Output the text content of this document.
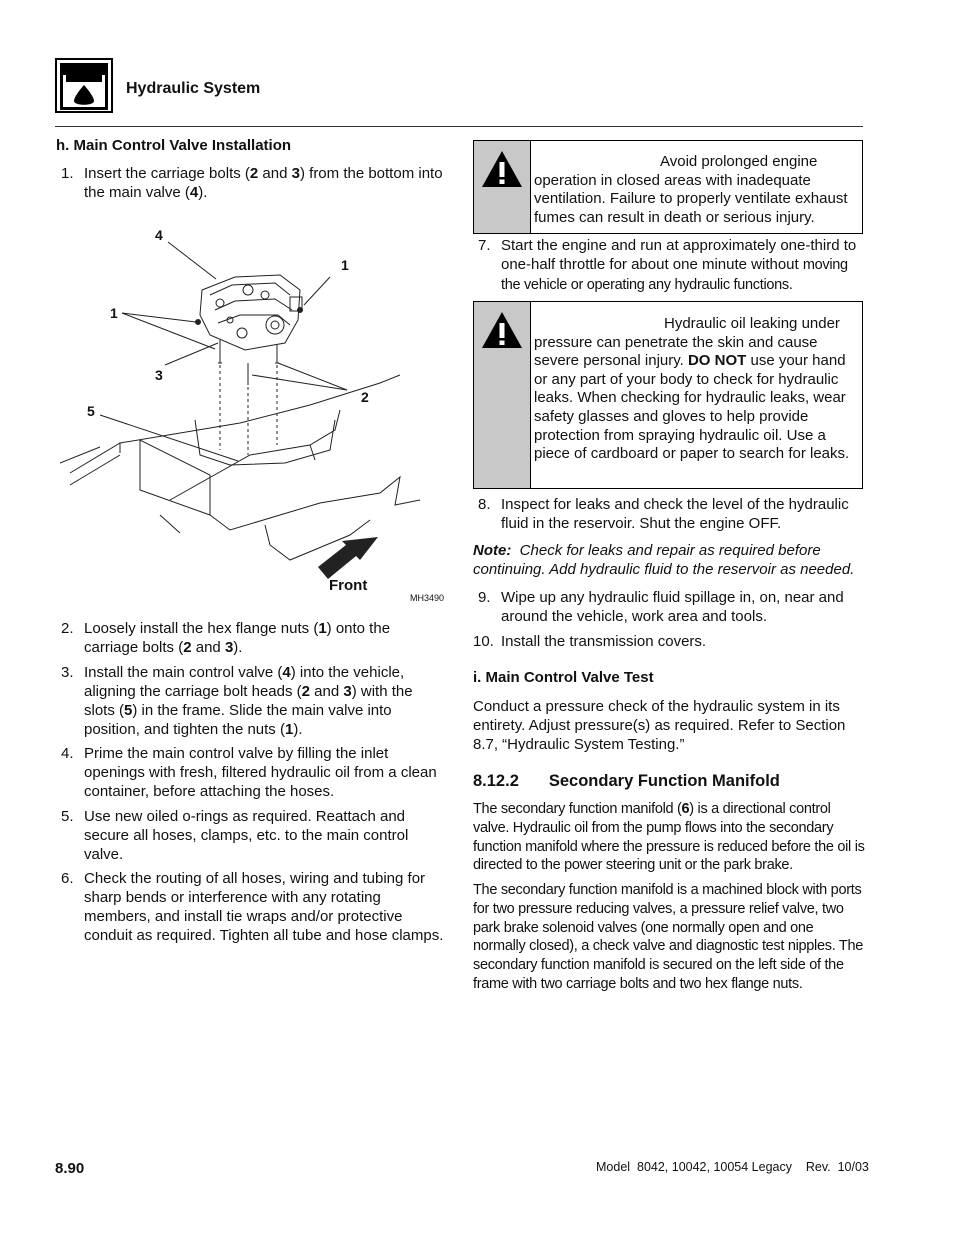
Hydraulic System
h. Main Control Valve Installation
1. Insert the carriage bolts (2 and 3) from the bottom into the main valve (4).
4
1
1
3
2
5
Front
MH3490
2. Loosely install the hex flange nuts (1) onto the carriage bolts (2 and 3).
3. Install the main control valve (4) into the vehicle, aligning the carriage bolt heads (2 and 3) with the slots (5) in the frame. Slide the main valve into position, and tighten the nuts (1).
4. Prime the main control valve by filling the inlet openings with fresh, filtered hydraulic oil from a clean container, before attaching the hoses.
5. Use new oiled o-rings as required. Reattach and secure all hoses, clamps, etc. to the main control valve.
6. Check the routing of all hoses, wiring and tubing for sharp bends or interference with any rotating members, and install tie wraps and/or protective conduit as required. Tighten all tube and hose clamps.
Avoid prolonged engine operation in closed areas with inadequate ventilation. Failure to properly ventilate exhaust fumes can result in death or serious injury.
7. Start the engine and run at approximately one-third to one-half throttle for about one minute without moving the vehicle or operating any hydraulic functions.
Hydraulic oil leaking under pressure can penetrate the skin and cause severe personal injury. DO NOT use your hand or any part of your body to check for hydraulic leaks. When checking for hydraulic leaks, wear safety glasses and gloves to help provide protection from spraying hydraulic oil. Use a piece of cardboard or paper to search for leaks.
8. Inspect for leaks and check the level of the hydraulic fluid in the reservoir. Shut the engine OFF.
Note: Check for leaks and repair as required before continuing. Add hydraulic fluid to the reservoir as needed.
9. Wipe up any hydraulic fluid spillage in, on, near and around the vehicle, work area and tools.
10. Install the transmission covers.
i. Main Control Valve Test
Conduct a pressure check of the hydraulic system in its entirety. Adjust pressure(s) as required. Refer to Section 8.7, “Hydraulic System Testing.”
8.12.2 Secondary Function Manifold
The secondary function manifold (6) is a directional control valve. Hydraulic oil from the pump flows into the secondary function manifold where the pressure is reduced before the oil is directed to the power steering unit or the park brake.
The secondary function manifold is a machined block with ports for two pressure reducing valves, a pressure relief valve, two park brake solenoid valves (one normally open and one normally closed), a check valve and diagnostic test nipples. The secondary function manifold is secured on the left side of the frame with two carriage bolts and two hex flange nuts.
8.90	Model  8042, 10042, 10054 Legacy    Rev.  10/03
